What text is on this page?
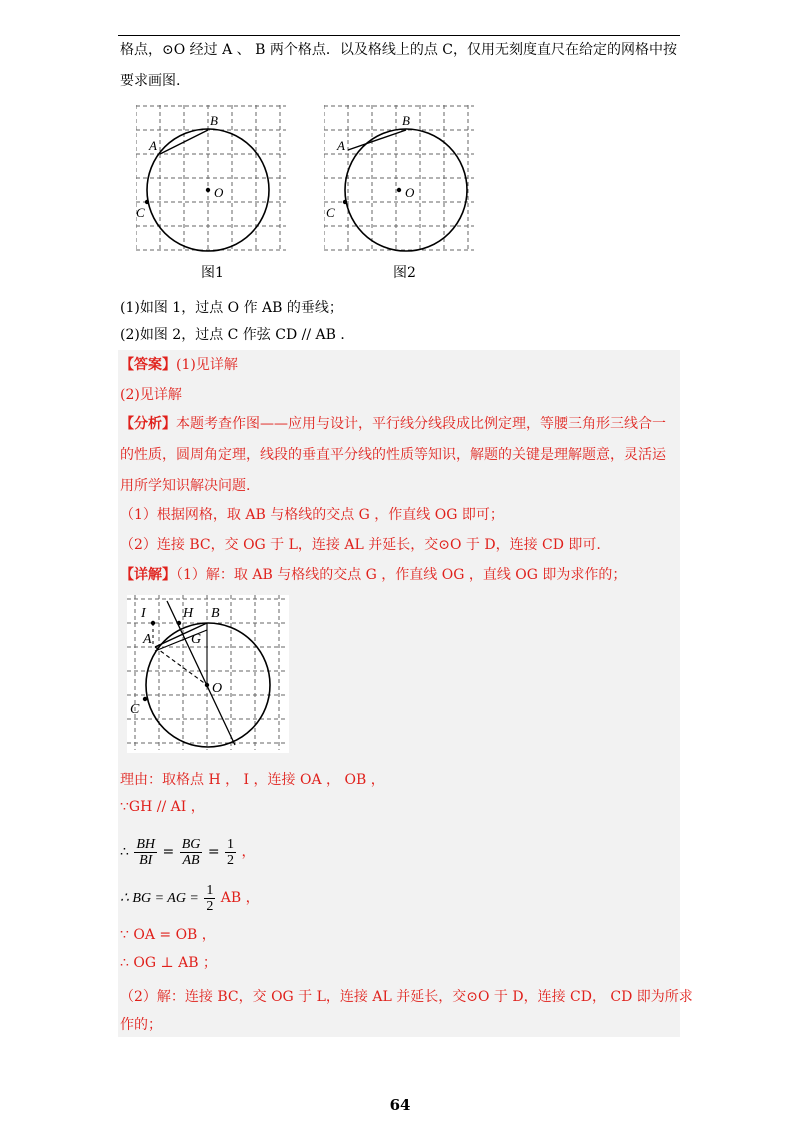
格点，⊙O 经过 A 、 B 两个格点．以及格线上的点 C，仅用无刻度直尺在给定的网格中按
要求画图.
O
B
A
C
图1
O
B
A
C
图2
(1)如图 1，过点 O 作 AB 的垂线；
(2)如图 2，过点 C 作弦 CD // AB ．
【答案】(1)见详解
(2)见详解
【分析】本题考查作图——应用与设计，平行线分线段成比例定理，等腰三角形三线合一
的性质，圆周角定理，线段的垂直平分线的性质等知识，解题的关键是理解题意，灵活运
用所学知识解决问题.
（1）根据网格，取 AB 与格线的交点 G ，作直线 OG 即可；
（2）连接 BC，交 OG 于 L，连接 AL 并延长，交⊙O 于 D，连接 CD 即可.
【详解】（1）解：取 AB 与格线的交点 G ，作直线 OG ，直线 OG 即为求作的；
I	H B
A	G
O
C
理由：取格点 H ， I ，连接 OA ， OB ，
∵GH // AI ，
∴ $\frac{BH}{BI} = \frac{BG}{AB} = \frac{1}{2}$ ，
∴ BG = AG = $\frac{1}{2}$ AB ，
∵ OA = OB ，
∴ OG ⊥ AB ；
（2）解：连接 BC，交 OG 于 L，连接 AL 并延长，交⊙O 于 D，连接 CD， CD 即为所求
作的；
64
